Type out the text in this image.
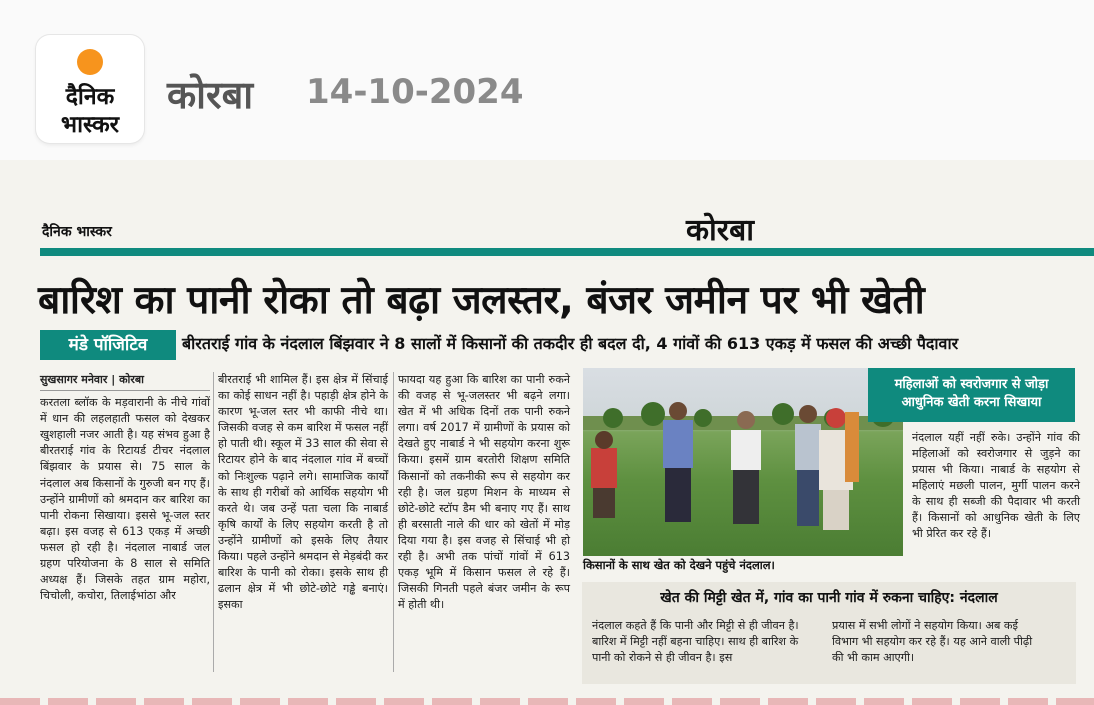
दैनिक
भास्कर
कोरबा 14-10-2024
दैनिक भास्कर	कोरबा
बारिश का पानी रोका तो बढ़ा जलस्तर, बंजर जमीन पर भी खेती
मंडे पॉजिटिव	बीरतराई गांव के नंदलाल बिंझवार ने 8 सालों में किसानों की तकदीर ही बदल दी, 4 गांवों की 613 एकड़ में फसल की अच्छी पैदावार
सुखसागर मनेवार | कोरबा
करतला ब्लॉक के मड़वारानी के नीचे गांवों में धान की लहलहाती फसल को देखकर खुशहाली नजर आती है। यह संभव हुआ है बीरतराई गांव के रिटायर्ड टीचर नंदलाल बिंझवार के प्रयास से। 75 साल के नंदलाल अब किसानों के गुरुजी बन गए हैं। उन्होंने ग्रामीणों को श्रमदान कर बारिश का पानी रोकना सिखाया। इससे भू-जल स्तर बढ़ा। इस वजह से 613 एकड़ में अच्छी फसल हो रही है। नंदलाल नाबार्ड जल ग्रहण परियोजना के 8 साल से समिति अध्यक्ष हैं। जिसके तहत ग्राम महोरा, चिचोली, कचोरा, तिलाईभांठा और
बीरतराई भी शामिल हैं। इस क्षेत्र में सिंचाई का कोई साधन नहीं है। पहाड़ी क्षेत्र होने के कारण भू-जल स्तर भी काफी नीचे था। जिसकी वजह से कम बारिश में फसल नहीं हो पाती थी। स्कूल में 33 साल की सेवा से रिटायर होने के बाद नंदलाल गांव में बच्चों को निःशुल्क पढ़ाने लगे। सामाजिक कार्यों के साथ ही गरीबों को आर्थिक सहयोग भी करते थे। जब उन्हें पता चला कि नाबार्ड कृषि कार्यों के लिए सहयोग करती है तो उन्होंने ग्रामीणों को इसके लिए तैयार किया। पहले उन्होंने श्रमदान से मेड़बंदी कर बारिश के पानी को रोका। इसके साथ ही ढलान क्षेत्र में भी छोटे-छोटे गड्ढे बनाएं। इसका
फायदा यह हुआ कि बारिश का पानी रुकने की वजह से भू-जलस्तर भी बढ़ने लगा। खेत में भी अधिक दिनों तक पानी रुकने लगा। वर्ष 2017 में ग्रामीणों के प्रयास को देखते हुए नाबार्ड ने भी सहयोग करना शुरू किया। इसमें ग्राम बरतोरी शिक्षण समिति किसानों को तकनीकी रूप से सहयोग कर रही है। जल ग्रहण मिशन के माध्यम से छोटे-छोटे स्टॉप डैम भी बनाए गए हैं। साथ ही बरसाती नाले की धार को खेतों में मोड़ दिया गया है। इस वजह से सिंचाई भी हो रही है। अभी तक पांचों गांवों में 613 एकड़ भूमि में किसान फसल ले रहे हैं। जिसकी गिनती पहले बंजर जमीन के रूप में होती थी।
किसानों के साथ खेत को देखने पहुंचे नंदलाल।
महिलाओं को स्वरोजगार से जोड़ा आधुनिक खेती करना सिखाया
नंदलाल यहीं नहीं रुके। उन्होंने गांव की महिलाओं को स्वरोजगार से जुड़ने का प्रयास भी किया। नाबार्ड के सहयोग से महिलाएं मछली पालन, मुर्गी पालन करने के साथ ही सब्जी की पैदावार भी करती हैं। किसानों को आधुनिक खेती के लिए भी प्रेरित कर रहे हैं।
खेत की मिट्टी खेत में, गांव का पानी गांव में रुकना चाहिए: नंदलाल
नंदलाल कहते हैं कि पानी और मिट्टी से ही जीवन है। बारिश में मिट्टी नहीं बहना चाहिए। साथ ही बारिश के पानी को रोकने से ही जीवन है। इस
प्रयास में सभी लोगों ने सहयोग किया। अब कई विभाग भी सहयोग कर रहे हैं। यह आने वाली पीढ़ी की भी काम आएगी।
